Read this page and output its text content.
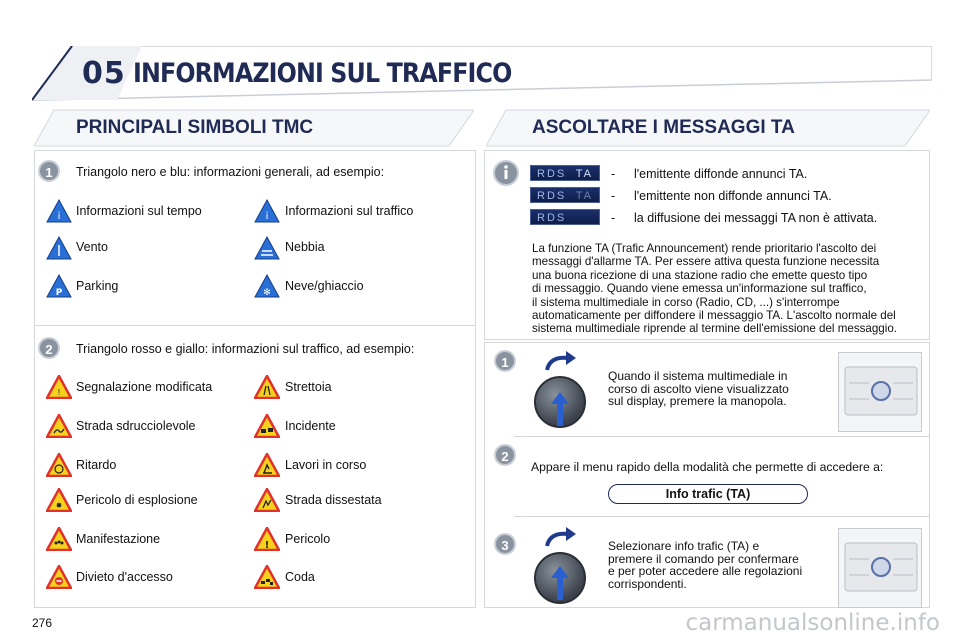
05 INFORMAZIONI SUL TRAFFICO
PRINCIPALI SIMBOLI TMC
1	Triangolo nero e blu: informazioni generali, ad esempio:
i Informazioni sul tempo	i Informazioni sul traffico
Vento	Nebbia
P Parking	✻ Neve/ghiaccio
2	Triangolo rosso e giallo: informazioni sul traffico, ad esempio:
! Segnalazione modificata	Strettoia
Strada sdrucciolevole	Incidente
Ritardo	Lavori in corso
✸ Pericolo di esplosione	Strada dissestata
Manifestazione	! Pericolo
Divieto d'accesso	Coda
ASCOLTARE I MESSAGGI TA
RDS TA - l'emittente diffonde annunci TA.
RDS TA - l'emittente non diffonde annunci TA.
RDS	- la diffusione dei messaggi TA non è attivata.
La funzione TA (Trafic Announcement) rende prioritario l'ascolto dei
messaggi d'allarme TA. Per essere attiva questa funzione necessita
una buona ricezione di una stazione radio che emette questo tipo
di messaggio. Quando viene emessa un'informazione sul traffico,
il sistema multimediale in corso (Radio, CD, ...) s'interrompe
automaticamente per diffondere il messaggio TA. L'ascolto normale del
sistema multimediale riprende al termine dell'emissione del messaggio.
1
Quando il sistema multimediale in
corso di ascolto viene visualizzato
sul display, premere la manopola.
2
Appare il menu rapido della modalità che permette di accedere a:
Info trafic (TA)
3	Selezionare info trafic (TA) e
premere il comando per confermare
e per poter accedere alle regolazioni
corrispondenti.
276	carmanualsonline.info
